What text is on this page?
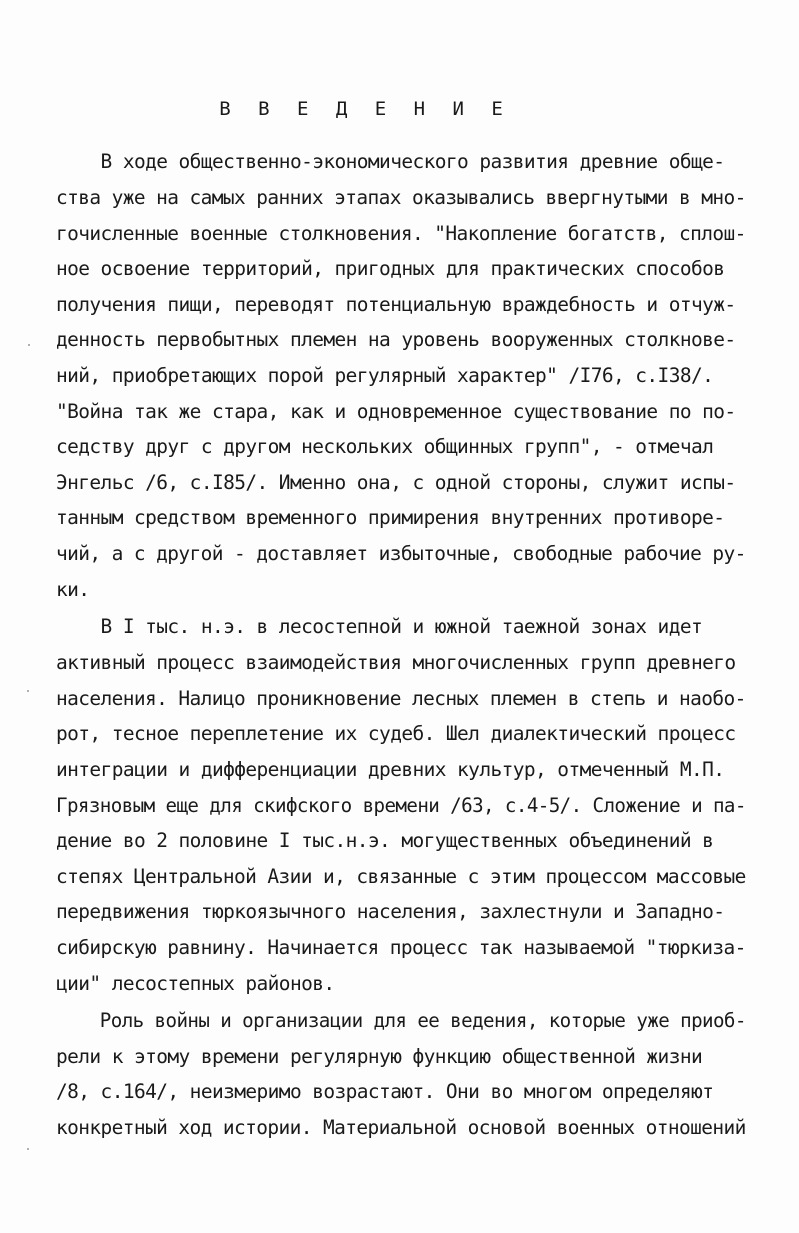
В В Е Д Е Н И Е
В ходе общественно-экономического развития древние обще-
ства уже на самых ранних этапах оказывались ввергнутыми в мно-
гочисленные военные столкновения. "Накопление богатств, сплош-
ное освоение территорий, пригодных для практических способов
получения пищи, переводят потенциальную враждебность и отчуж-
денность первобытных племен на уровень вооруженных столкнове-
ний, приобретающих порой регулярный характер" /I76, с.I38/.
"Война так же стара, как и одновременное существование по по-
седству друг с другом нескольких общинных групп", - отмечал
Энгельс /6, с.I85/. Именно она, с одной стороны, служит испы-
танным средством временного примирения внутренних противоре-
чий, а с другой - доставляет избыточные, свободные рабочие ру-
ки.
В I тыс. н.э. в лесостепной и южной таежной зонах идет
активный процесс взаимодействия многочисленных групп древнего
населения. Налицо проникновение лесных племен в степь и наобо-
рот, тесное переплетение их судеб. Шел диалектический процесс
интеграции и дифференциации древних культур, отмеченный М.П.
Грязновым еще для скифского времени /63, с.4-5/. Сложение и па-
дение во 2 половине I тыс.н.э. могущественных объединений в
степях Центральной Азии и, связанные с этим процессом массовые
передвижения тюркоязычного населения, захлестнули и Западно-
сибирскую равнину. Начинается процесс так называемой "тюркиза-
ции" лесостепных районов.
Роль войны и организации для ее ведения, которые уже приоб-
рели к этому времени регулярную функцию общественной жизни
/8, с.164/, неизмеримо возрастают. Они во многом определяют
конкретный ход истории. Материальной основой военных отношений
